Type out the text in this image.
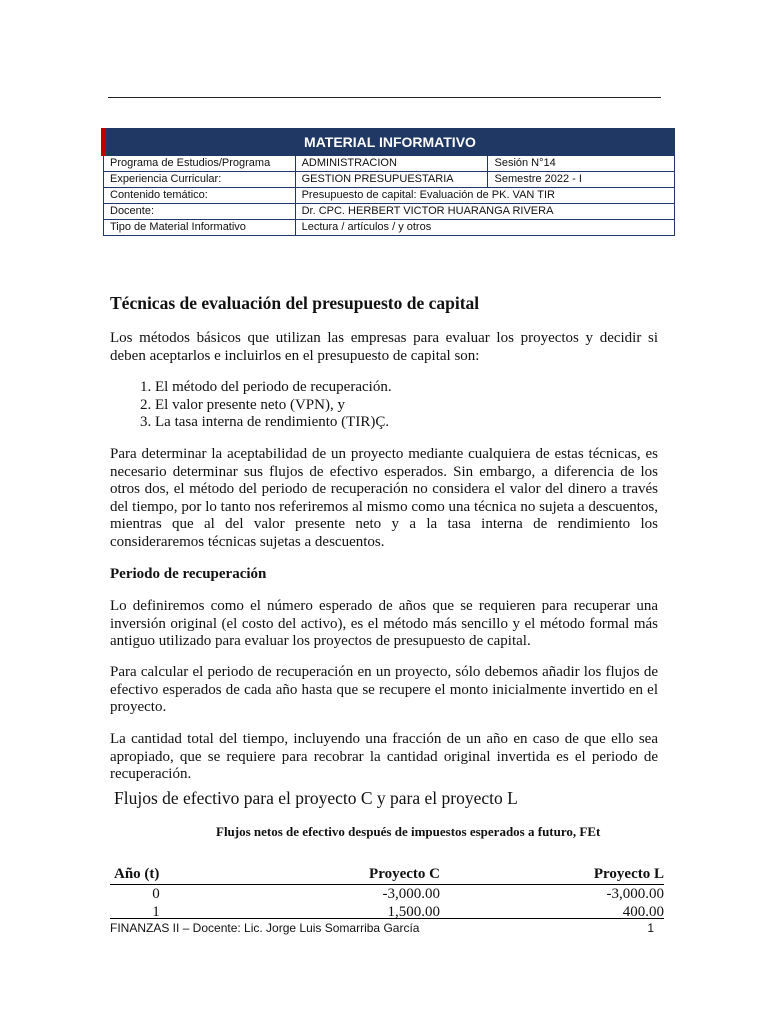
MATERIAL INFORMATIVO		
Programa de Estudios/Programa	ADMINISTRACION	Sesión N°14
Experiencia Curricular:	GESTION PRESUPUESTARIA	Semestre 2022 - I
Contenido temático:	Presupuesto de capital: Evaluación de PK. VAN TIR	
Docente:	Dr. CPC. HERBERT VICTOR HUARANGA RIVERA	
Tipo de Material Informativo	Lectura / artículos / y otros	
Técnicas de evaluación del presupuesto de capital

Los métodos básicos que utilizan las empresas para evaluar los proyectos y decidir si deben aceptarlos e incluirlos en el presupuesto de capital son:

1. El método del periodo de recuperación.
2. El valor presente neto (VPN), y
3. La tasa interna de rendimiento (TIR)Ç.

Para determinar la aceptabilidad de un proyecto mediante cualquiera de estas técnicas, es necesario determinar sus flujos de efectivo esperados. Sin embargo, a diferencia de los otros dos, el método del periodo de recuperación no considera el valor del dinero a través del tiempo, por lo tanto nos referiremos al mismo como una técnica no sujeta a descuentos, mientras que al del valor presente neto y a la tasa interna de rendimiento los consideraremos técnicas sujetas a descuentos.

Periodo de recuperación

Lo definiremos como el número esperado de años que se requieren para recuperar una inversión original (el costo del activo), es el método más sencillo y el método formal más antiguo utilizado para evaluar los proyectos de presupuesto de capital.

Para calcular el periodo de recuperación en un proyecto, sólo debemos añadir los flujos de efectivo esperados de cada año hasta que se recupere el monto inicialmente invertido en el proyecto.

La cantidad total del tiempo, incluyendo una fracción de un año en caso de que ello sea apropiado, que se requiere para recobrar la cantidad original invertida es el periodo de recuperación.

Flujos de efectivo para el proyecto C y para el proyecto L
Flujos netos de efectivo después de impuestos esperados a futuro, FEt
Año (t)	Proyecto C	Proyecto L
0	-3,000.00	-3,000.00
1	1,500.00	400.00
FINANZAS II – Docente: Lic. Jorge Luis Somarriba García	1
